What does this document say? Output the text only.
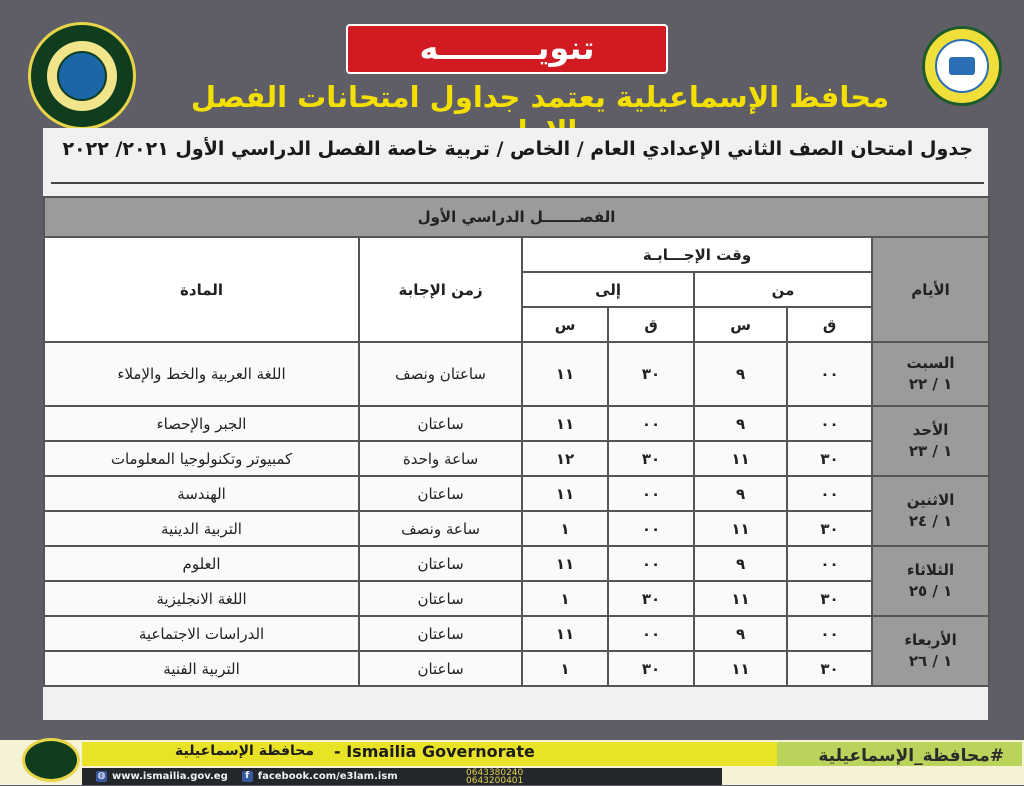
تنويـــــــــه
محافظ الإسماعيلية يعتمد جداول امتحانات الفصل
جدول امتحان الصف الثاني الإعدادي العام / الخاص / تربية خاصة الفصل الدراسي الأول ٢٠٢١/ ٢٠٢٢
الفصـــــــل الدراسي الأول						
الأيام	وقت الإجـــابـة				زمن الإجابة	المادة
	من		إلى			
	ق	س	ق	س		
السبت
١ / ٢٢	٠٠	٩	٣٠	١١	ساعتان ونصف	اللغة العربية والخط والإملاء
الأحد
١ / ٢٣	٠٠	٩	٠٠	١١	ساعتان	الجبر والإحصاء
	٣٠	١١	٣٠	١٢	ساعة واحدة	كمبيوتر وتكنولوجيا المعلومات
الاثنين
١ / ٢٤	٠٠	٩	٠٠	١١	ساعتان	الهندسة
	٣٠	١١	٠٠	١	ساعة ونصف	التربية الدينية
الثلاثاء
١ / ٢٥	٠٠	٩	٠٠	١١	ساعتان	العلوم
	٣٠	١١	٣٠	١	ساعتان	اللغة الانجليزية
الأربعاء
١ / ٢٦	٠٠	٩	٠٠	١١	ساعتان	الدراسات الاجتماعية
	٣٠	١١	٣٠	١	ساعتان	التربية الفنية
محافظة الإسماعيلية - Ismailia Governorate	#محافظة_الإسماعيلية
◍ www.ismailia.gov.eg	f facebook.com/e3lam.ism	0643380240
0643200401
